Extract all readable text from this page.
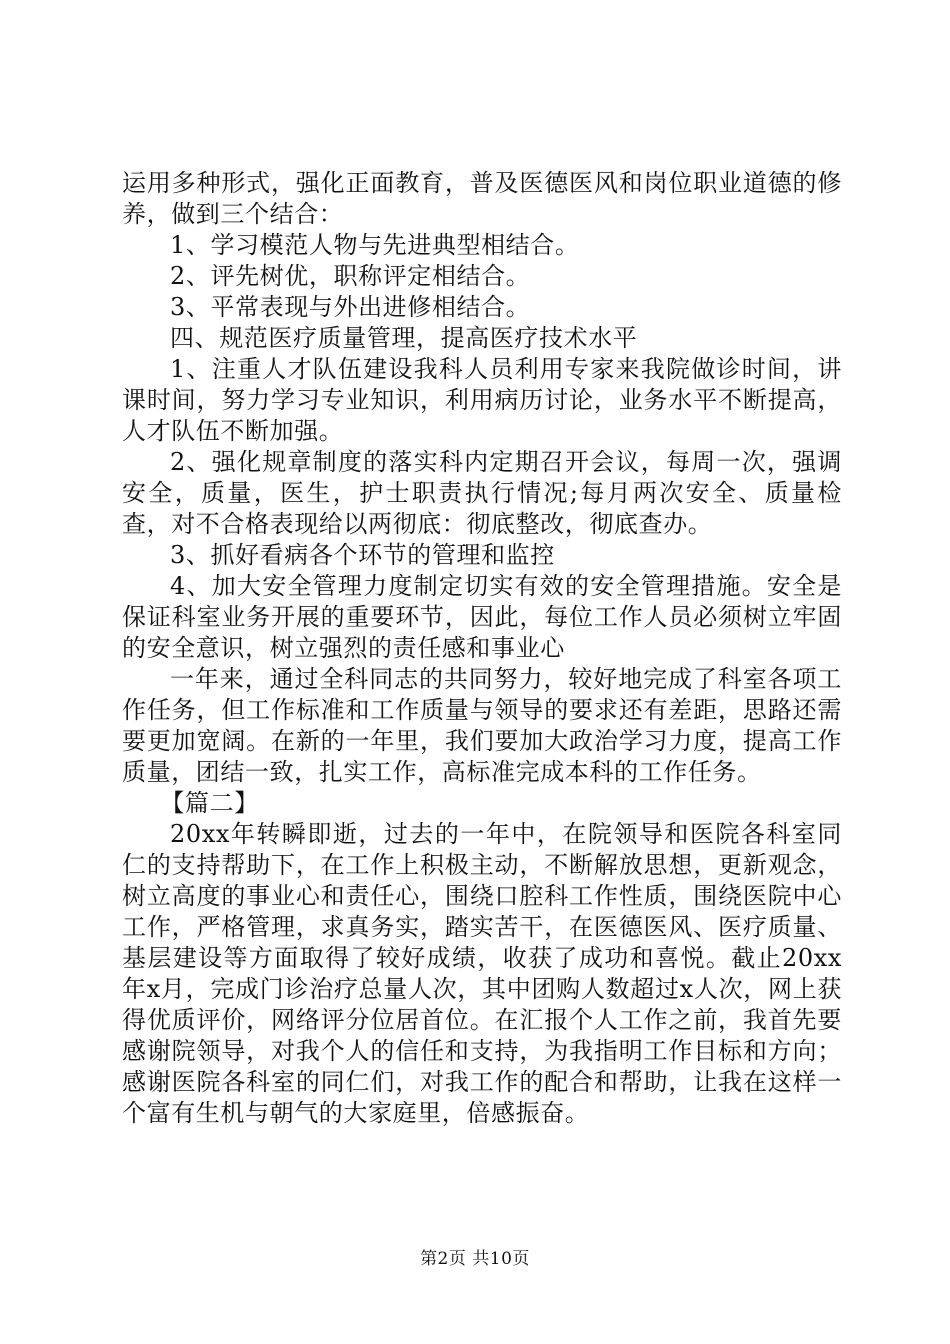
运用多种形式，强化正面教育，普及医德医风和岗位职业道德的修养，做到三个结合：

1、学习模范人物与先进典型相结合。

2、评先树优，职称评定相结合。

3、平常表现与外出进修相结合。

四、规范医疗质量管理，提高医疗技术水平

1、注重人才队伍建设我科人员利用专家来我院做诊时间，讲课时间，努力学习专业知识，利用病历讨论，业务水平不断提高，人才队伍不断加强。

2、强化规章制度的落实科内定期召开会议，每周一次，强调安全，质量，医生，护士职责执行情况;每月两次安全、质量检查，对不合格表现给以两彻底：彻底整改，彻底查办。

3、抓好看病各个环节的管理和监控

4、加大安全管理力度制定切实有效的安全管理措施。安全是保证科室业务开展的重要环节，因此，每位工作人员必须树立牢固的安全意识，树立强烈的责任感和事业心

一年来，通过全科同志的共同努力，较好地完成了科室各项工作任务，但工作标准和工作质量与领导的要求还有差距，思路还需要更加宽阔。在新的一年里，我们要加大政治学习力度，提高工作质量，团结一致，扎实工作，高标准完成本科的工作任务。

【篇二】

20xx年转瞬即逝，过去的一年中，在院领导和医院各科室同仁的支持帮助下，在工作上积极主动，不断解放思想，更新观念，树立高度的事业心和责任心，围绕口腔科工作性质，围绕医院中心工作，严格管理，求真务实，踏实苦干，在医德医风、医疗质量、基层建设等方面取得了较好成绩，收获了成功和喜悦。截止20xx年x月，完成门诊治疗总量人次，其中团购人数超过x人次，网上获得优质评价，网络评分位居首位。在汇报个人工作之前，我首先要感谢院领导，对我个人的信任和支持，为我指明工作目标和方向；感谢医院各科室的同仁们，对我工作的配合和帮助，让我在这样一个富有生机与朝气的大家庭里，倍感振奋。

第2页 共10页
